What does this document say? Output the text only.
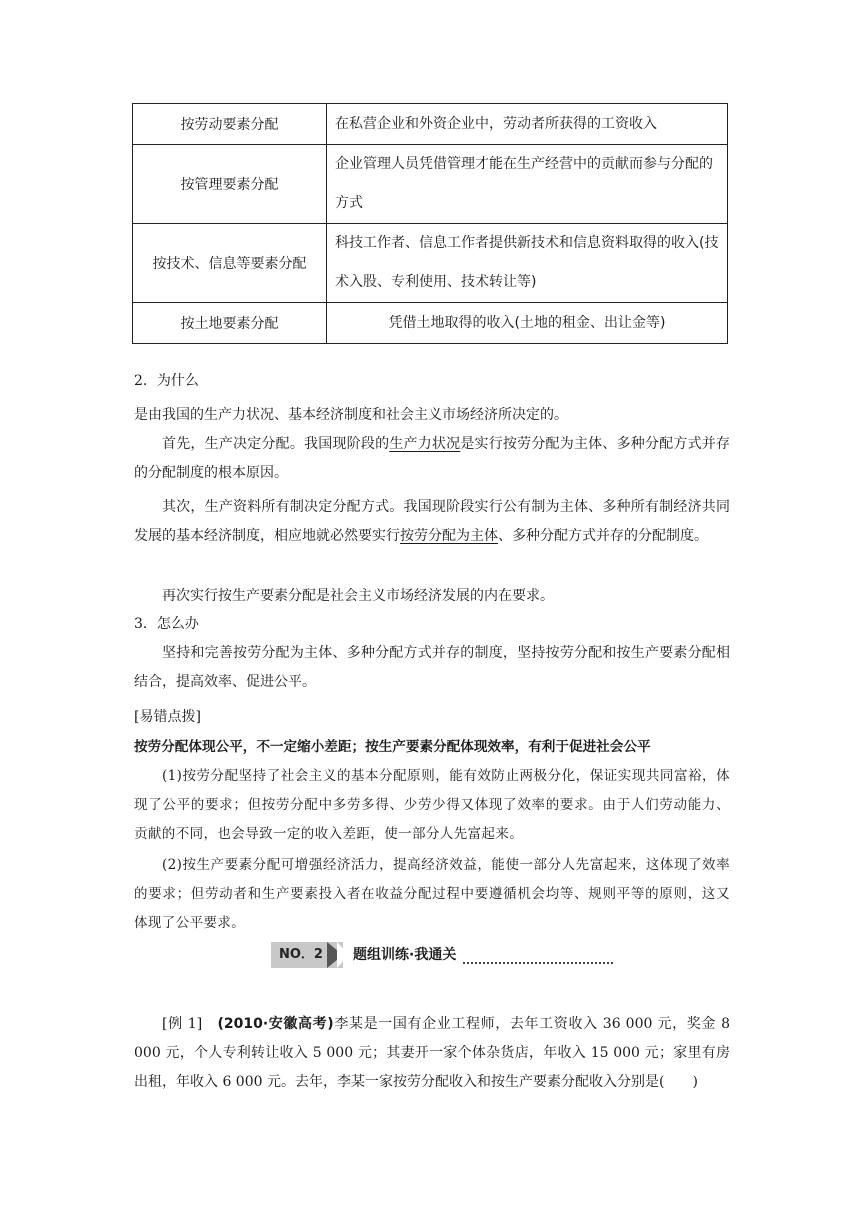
按劳动要素分配	在私营企业和外资企业中，劳动者所获得的工资收入
按管理要素分配	企业管理人员凭借管理才能在生产经营中的贡献而参与分配的方式
按技术、信息等要素分配	科技工作者、信息工作者提供新技术和信息资料取得的收入(技术入股、专利使用、技术转让等)
按土地要素分配	凭借土地取得的收入(土地的租金、出让金等)

2．为什么

是由我国的生产力状况、基本经济制度和社会主义市场经济所决定的。

首先，生产决定分配。我国现阶段的生产力状况是实行按劳分配为主体、多种分配方式并存的分配制度的根本原因。

其次，生产资料所有制决定分配方式。我国现阶段实行公有制为主体、多种所有制经济共同发展的基本经济制度，相应地就必然要实行按劳分配为主体、多种分配方式并存的分配制度。

再次实行按生产要素分配是社会主义市场经济发展的内在要求。

3．怎么办

坚持和完善按劳分配为主体、多种分配方式并存的制度，坚持按劳分配和按生产要素分配相结合，提高效率、促进公平。

[易错点拨]

按劳分配体现公平，不一定缩小差距；按生产要素分配体现效率，有利于促进社会公平

(1)按劳分配坚持了社会主义的基本分配原则，能有效防止两极分化，保证实现共同富裕，体现了公平的要求；但按劳分配中多劳多得、少劳少得又体现了效率的要求。由于人们劳动能力、贡献的不同，也会导致一定的收入差距，使一部分人先富起来。

(2)按生产要素分配可增强经济活力，提高经济效益，能使一部分人先富起来，这体现了效率的要求；但劳动者和生产要素投入者在收益分配过程中要遵循机会均等、规则平等的原则，这又体现了公平要求。

NO．2	题组训练·我通关

[例 1]　 (2010·安徽高考)李某是一国有企业工程师，去年工资收入 36 000 元，奖金 8 000 元，个人专利转让收入 5 000 元；其妻开一家个体杂货店，年收入 15 000 元；家里有房出租，年收入 6 000 元。去年，李某一家按劳分配收入和按生产要素分配收入分别是(　　)
